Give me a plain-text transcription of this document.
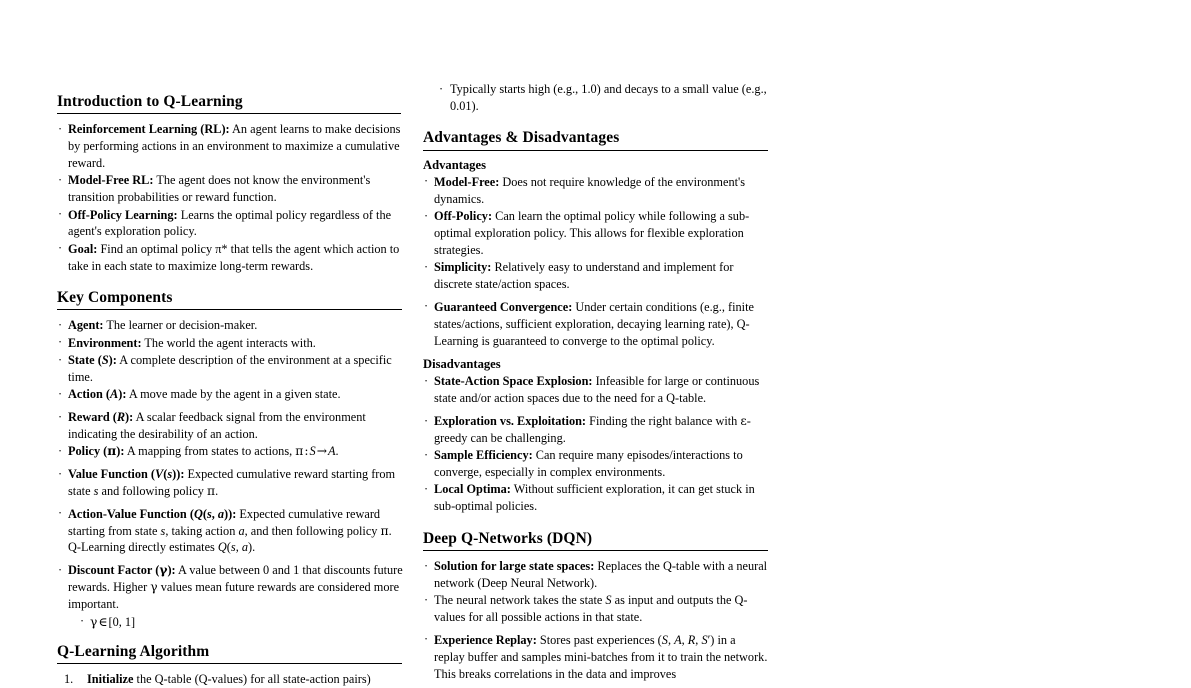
Introduction to Q-Learning
· Reinforcement Learning (RL): An agent learns to make decisions by performing actions in an environment to maximize a cumulative reward.
· Model-Free RL: The agent does not know the environment's transition probabilities or reward function.
· Off-Policy Learning: Learns the optimal policy regardless of the agent's exploration policy.
· Goal: Find an optimal policy π* that tells the agent which action to take in each state to maximize long-term rewards.
Key Components
· Agent: The learner or decision-maker.
· Environment: The world the agent interacts with.
· State (S): A complete description of the environment at a specific time.
· Action (A): A move made by the agent in a given state.
· Reward (R): A scalar feedback signal from the environment indicating the desirability of an action.
· Policy (π): A mapping from states to actions, π:S→A.
· Value Function (V(s)): Expected cumulative reward starting from state s and following policy π.
· Action-Value Function (Q(s, a)): Expected cumulative reward starting from state s, taking action a, and then following policy π. Q-Learning directly estimates Q(s, a).
· Discount Factor (γ): A value between 0 and 1 that discounts future rewards. Higher γ values mean future rewards are considered more important.
· γ∈[0, 1]
Q-Learning Algorithm
Initialize the Q-table (Q-values) for all state-action pairs)
· Typically starts high (e.g., 1.0) and decays to a small value (e.g., 0.01).
Advantages & Disadvantages
Advantages
· Model-Free: Does not require knowledge of the environment's dynamics.
· Off-Policy: Can learn the optimal policy while following a sub-optimal exploration policy. This allows for flexible exploration strategies.
· Simplicity: Relatively easy to understand and implement for discrete state/action spaces.
· Guaranteed Convergence: Under certain conditions (e.g., finite states/actions, sufficient exploration, decaying learning rate), Q-Learning is guaranteed to converge to the optimal policy.
Disadvantages
· State-Action Space Explosion: Infeasible for large or continuous state and/or action spaces due to the need for a Q-table.
· Exploration vs. Exploitation: Finding the right balance with ε-greedy can be challenging.
· Sample Efficiency: Can require many episodes/interactions to converge, especially in complex environments.
· Local Optima: Without sufficient exploration, it can get stuck in sub-optimal policies.
Deep Q-Networks (DQN)
· Solution for large state spaces: Replaces the Q-table with a neural network (Deep Neural Network).
· The neural network takes the state S as input and outputs the Q-values for all possible actions in that state.
· Experience Replay: Stores past experiences (S, A, R, S′) in a replay buffer and samples mini-batches from it to train the network. This breaks correlations in the data and improves
